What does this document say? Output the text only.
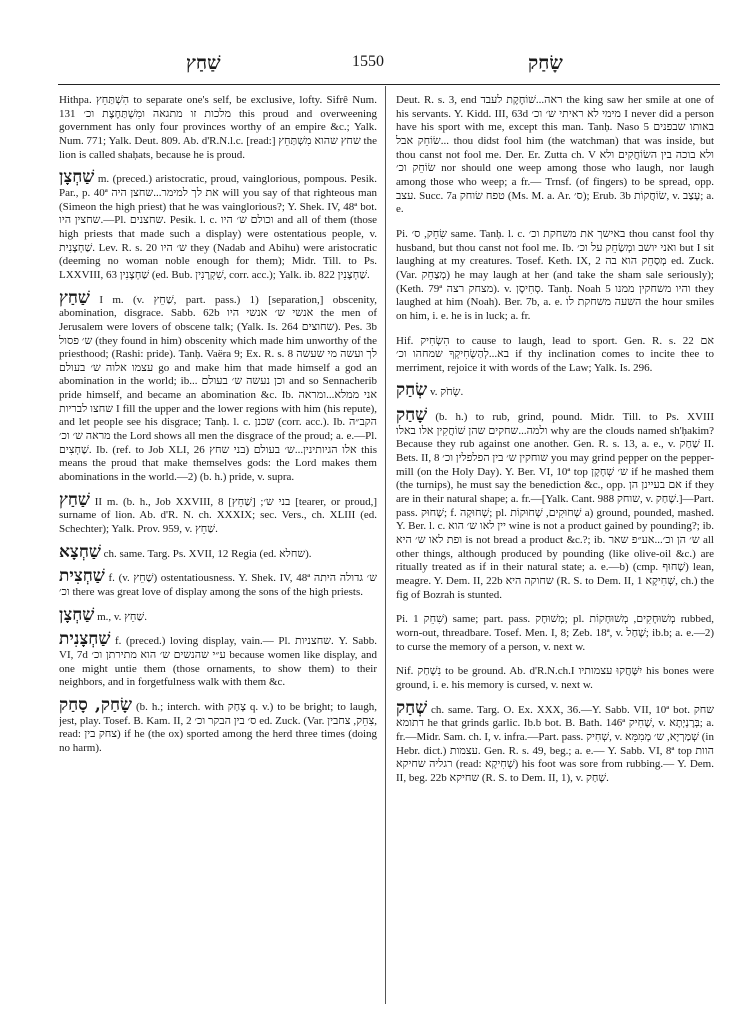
שַׁחַץ	1550	שָׂחַק

Hithpa. הִשְׁתַּחֵץ to separate one's self, be exclusive, lofty. Sifrê Num. 131 מלכות זו מתגאה ומִשְׁתַּחֶצֶת וכ׳ this proud and overweening government has only four provinces worthy of an empire &c.; Yalk. Num. 771; Yalk. Deut. 809. Ab. d'R.N.l.c. [read:] שחץ שהוא מִשְׁתַּחֵץ the lion is called shaḥats, because he is proud.

שַׁחְצָן m. (preced.) aristocratic, proud, vainglorious, pompous. Pesik. Par., p. 40ª את לך למימר...שחצן היה will you say of that righteous man (Simeon the high priest) that he was vainglorious?; Y. Shek. IV, 48ª bot. שחצין היו.—Pl. שחצנים. Pesik. l. c. וכולם ש׳ היו and all of them (those high priests that made such a display) were ostentatious people, v. שַׁחְצָנִית. Lev. R. s. 20 ש׳ היו they (Nadab and Abihu) were aristocratic (deeming no woman noble enough for them); Midr. Till. to Ps. LXXVIII, 63 שַׁחְצָנִין (ed. Bub. שִׁקְרָנִין, corr. acc.); Yalk. ib. 822 שַׁחְצָנִין.

שַׁחַץ I m. (v. שַׁחֵץ, part. pass.) 1) [separation,] obscenity, abomination, disgrace. Sabb. 62b אנשי ש׳ אנשי היו the men of Jerusalem were lovers of obscene talk; (Yalk. Is. 264 שחוצים). Pes. 3b ש׳ פסול (they found in him) obscenity which made him unworthy of the priesthood; (Rashi: pride). Tanḥ. Vaëra 9; Ex. R. s. 8 לך ועשה מי שעשה עצמו אלוה ש׳ בעולם go and make him that made himself a god an abomination in the world; ib... וכן נעשה ש׳ בעולם and so Sennacherib pride himself, and became an abomination &c. Ib. אני ממלא...ומראה שחצו לבריות I fill the upper and the lower regions with him (his repute), and let people see his disgrace; Tanḥ. l. c. שכנן (corr. acc.). Ib. הקב״ה מראה ש׳ וכ׳ the Lord shows all men the disgrace of the proud; a. e.—Pl. שַׁחְצִים. Ib. (ref. to Job XLI, 26 בני שחץ) אלו הגיותינין...ש׳ בעולם this means the proud that make themselves gods: the Lord makes them abominations in the world.—2) (b. h.) pride, v. supra.

שַׁחַץ II m. (b. h., Job XXVIII, 8 בני ש׳; [שַׁחֵץ] [tearer, or proud,] surname of lion. Ab. d'R. N. ch. XXXIX; sec. Vers., ch. XLIII (ed. Schechter); Yalk. Prov. 959, v. שַׁחֵץ.

שַׁחְצָא ch. same. Targ. Ps. XVII, 12 Regia (ed. שחלא).

שַׁחְצִית f. (v. שַׁחֵץ) ostentatiousness. Y. Shek. IV, 48ª ש׳ גדולה היתה וכ׳ there was great love of display among the sons of the high priests.

שַׁחְצָן m., v. שַׁחֵץ.

שַׁחְצָנִית f. (preced.) loving display, vain.— Pl. שחצניות. Y. Sabb. VI, 7d ע״י שהנשים ש׳ הוא מתירתן וכ׳ because women like display, and one might untie them (those ornaments, to show them) to their neighbors, and in forgetfulness walk with them &c.

שָׂחַק, סָחַק (b. h.; interch. with צָחַק q. v.) to be bright; to laugh, jest, play. Tosef. B. Kam. II, 2 ס׳ בין הבקר וכ׳ ed. Zuck. (Var. צִחֵק, צחבין, read: צחק בין) if he (the ox) sported among the herd three times (doing no harm).

Deut. R. s. 3, end ראה...שׁוֹחֶקֶת לעבד the king saw her smile at one of his servants. Y. Kidd. III, 63d מימי לא ראיתי ש׳ וכ׳ I never did a person have his sport with me, except this man. Tanḥ. Naso 5 באותו שבפנים שׂוֹחֵק אבל... thou didst fool him (the watchman) that was inside, but thou canst not fool me. Der. Er. Zutta ch. V ולא בוכה בין השׂוֹחֲקִים ולא שׂוֹחֵק וכ׳ nor should one weep among those who laugh, nor laugh among those who weep; a fr.— Trnsf. (of fingers) to be spread, opp. עצב. Succ. 7a טפח שׂוחק (Ms. M. a. Ar. ס׳); Erub. 3b שׂוֹחֲקוֹת, v. עָצַב; a. e.

Pi. שִׂחֵק, ס׳ same. Tanḥ. l. c. באישך את משחקת וכ׳ thou canst fool thy husband, but thou canst not fool me. Ib. ואני יושב ומְשַׂחֵק על וכ׳ but I sit laughing at my creatures. Tosef. Keth. IX, 2 מְסַחֵק הוא בה ed. Zuck. (Var. מְצַחֵק) he may laugh at her (and take the sham sale seriously); (Keth. 79ª מצחק רצה). v. סְחִיסָן. Tanḥ. Noah 5 והיו משחקין ממנו they laughed at him (Noah). Ber. 7b, a. e. השעה משחקת לו the hour smiles on him, i. e. he is in luck; a. fr.

Hif. הִשְׂחִיק to cause to laugh, lead to sport. Gen. R. s. 22 אם בא...לְהַשְׂחִיקְךָ שמחהו וכ׳ if thy inclination comes to incite thee to merriment, rejoice it with words of the Law; Yalk. Is. 296.

שְׂחַק v. שְׂחֹק.

שָׁחַק (b. h.) to rub, grind, pound. Midr. Till. to Ps. XVIII ולמה...שחקים שהן שׁוֹחֲקִין אלו באלו why are the clouds named sh'ḥakim? Because they rub against one another. Gen. R. s. 13, a. e., v. שַׁחַק II. Bets. II, 8 שוחקין ש׳ בין הפלפלין וכ׳ you may grind pepper on the pepper-mill (on the Holy Day). Y. Ber. VI, 10ª top ש׳ שְׁחָקָן if he mashed them (the turnips), he must say the benediction &c., opp. אם בעיינן הן if they are in their natural shape; a. fr.—[Yalk. Cant. 988 שוחק, v. שָׁחַק.]—Part. pass. שָׁחוּק; f. שְׁחוּקָה; pl. שְׁחוּקִים, שְׁחוּקוֹת a) ground, pounded, mashed. Y. Ber. l. c. יין לאו ש׳ הוא wine is not a product gained by pounding?; ib. ופת לאו ש׳ היא is not bread a product &c.?; ib. ש׳ הן וכ׳...אע״פ שאר all other things, although produced by pounding (like olive-oil &c.) are ritually treated as if in their natural state; a. e.—b) (cmp. שָׁחוּף) lean, meagre. Y. Dem. II, 22b שחוקה היא (R. S. to Dem. II, 1 שְׁחִיקָא, ch.) the fig of Bozrah is stunted.

Pi. שִׁחֵק 1) same; part. pass. מְשׁוּחָק; pl. מְשׁוּחָקִים, מְשׁוּחָקוֹת rubbed, worn-out, threadbare. Tosef. Men. I, 8; Zeb. 18ª, v. שָׁחַל; ib.b; a. e.—2) to curse the memory of a person, v. next w.

Nif. נִשְׁחַק to be ground. Ab. d'R.N.ch.I יִשָּׁחֲקוּ עצמותיו his bones were ground, i. e. his memory is cursed, v. next w.

שְׁחַק ch. same. Targ. O. Ex. XXX, 36.—Y. Sabb. VII, 10ª bot. שחק דתומא he that grinds garlic. Ib.b bot. B. Bath. 146ª שָׁחִיק, v. בְּרָנְיְתָא; a. fr.—Midr. Sam. ch. I, v. infra.—Part. pass. שְׁחִיק, v. שְׁמַרְיָא, ש׳ מְמִמֵּא (in Hebr. dict.) עצמות. Gen. R. s. 49, beg.; a. e.— Y. Sabb. VI, 8ª top הוות רגליה שחיקא (read: שְׁחִיקָא) his foot was sore from rubbing.— Y. Dem. II, beg. 22b שחיקא (R. S. to Dem. II, 1), v. שָׁחַק.
